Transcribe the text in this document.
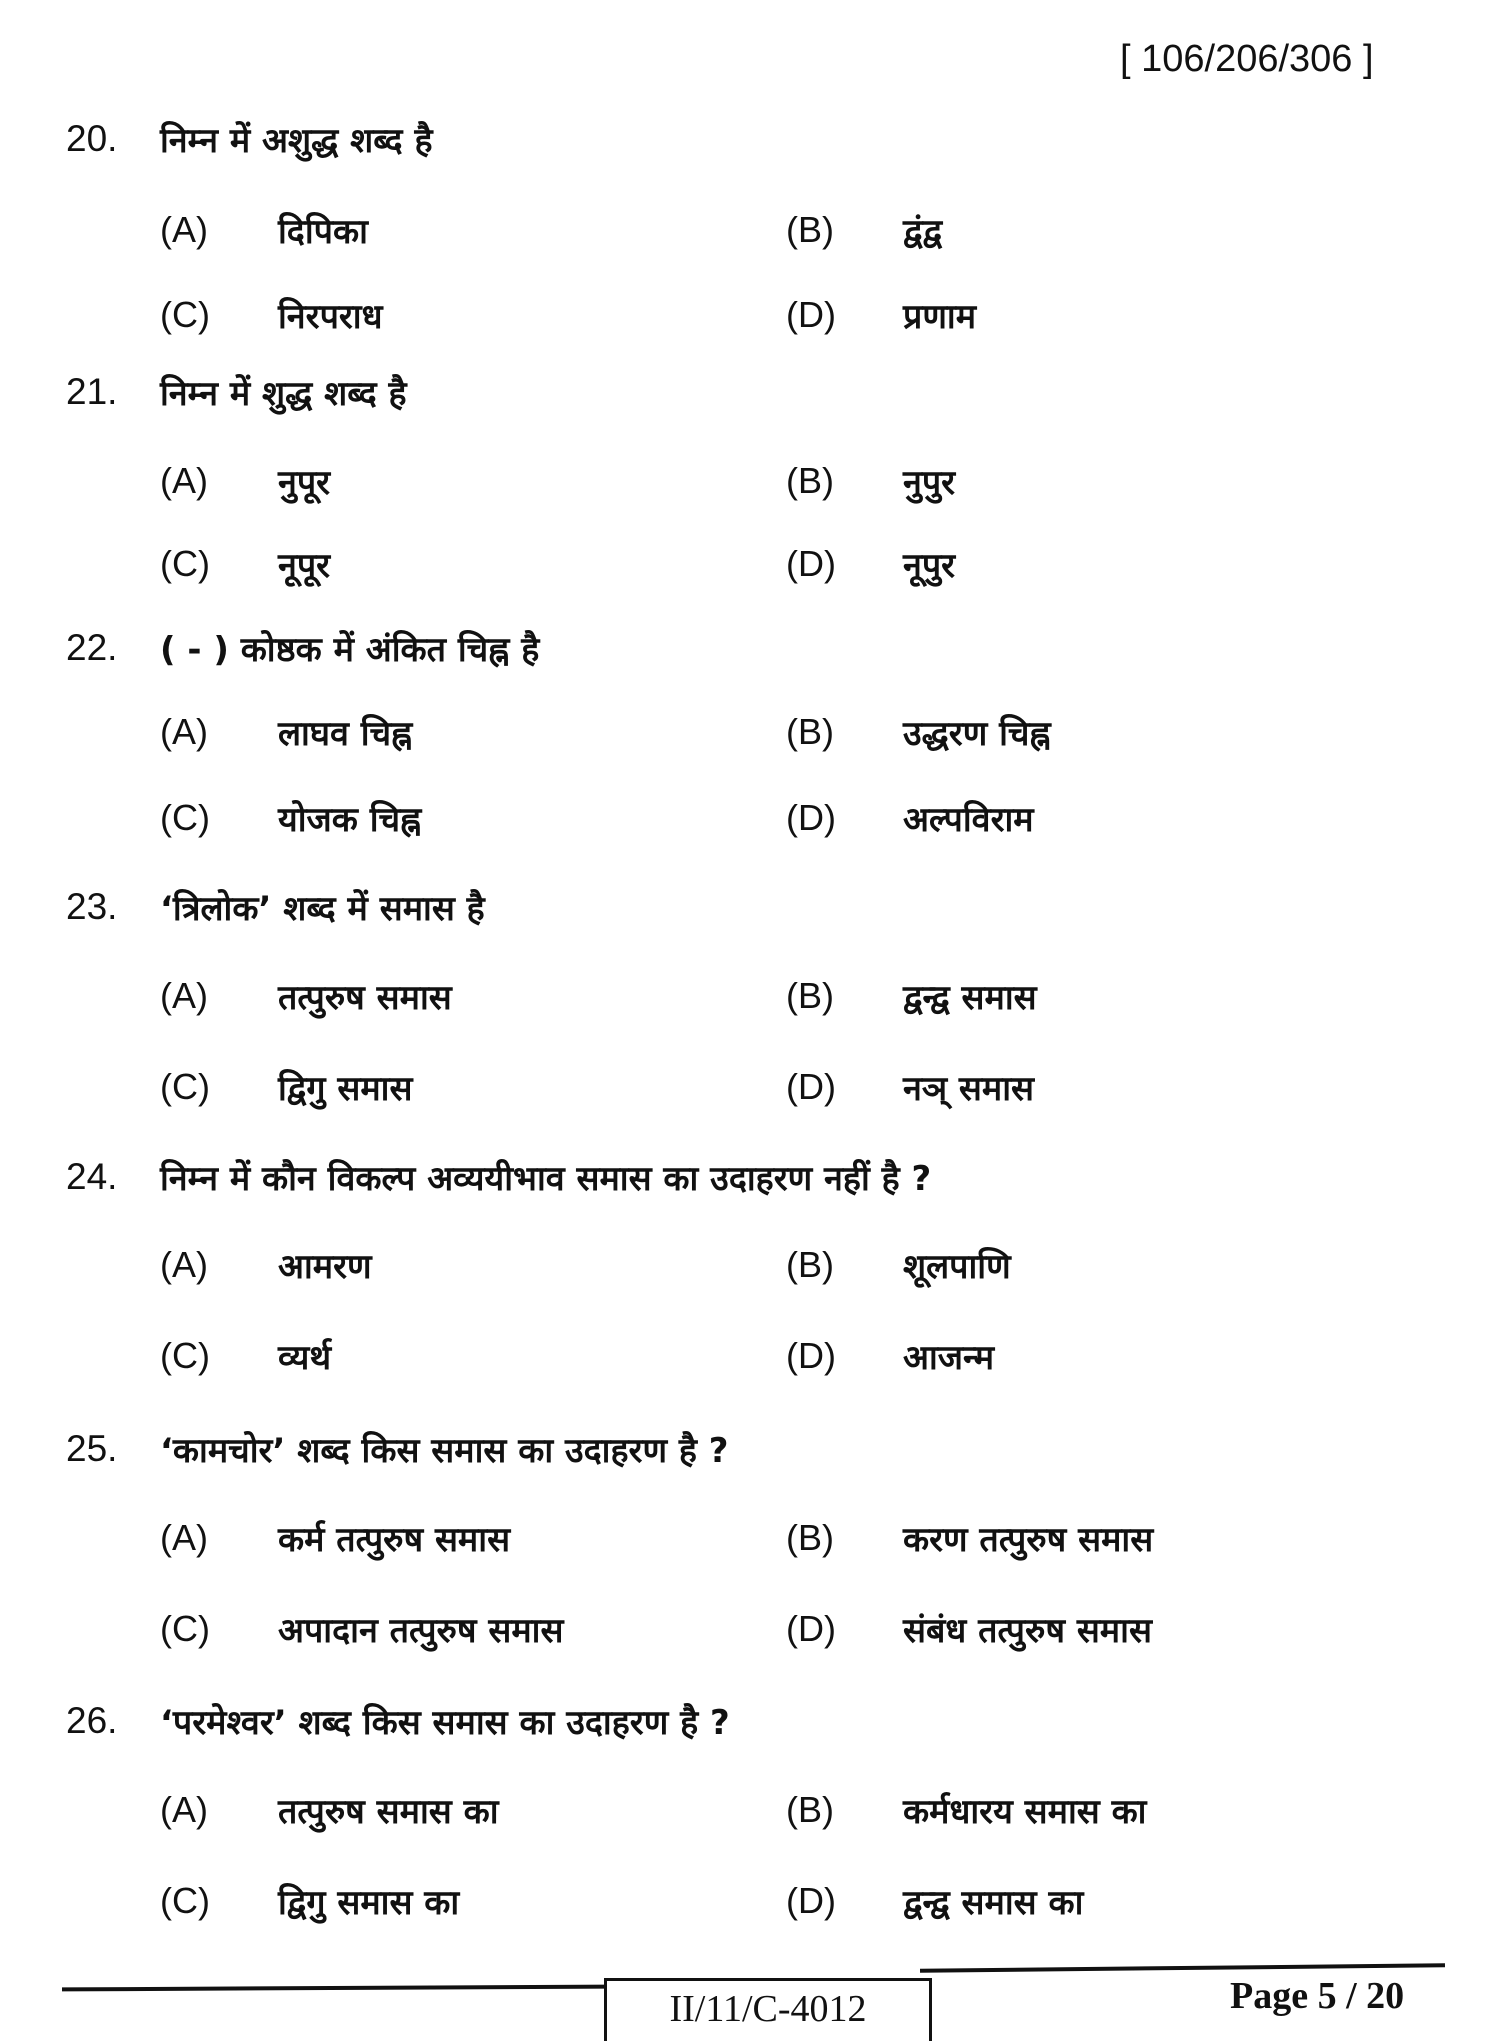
[ 106/206/306 ]
20. निम्न में अशुद्ध शब्द है
(A) दिपिका	(B) द्वंद्व
(C) निरपराध	(D) प्रणाम
21. निम्न में शुद्ध शब्द है
(A) नुपूर	(B) नुपुर
(C) नूपूर	(D) नूपुर
22. ( - ) कोष्ठक में अंकित चिह्न है
(A) लाघव चिह्न	(B) उद्धरण चिह्न
(C) योजक चिह्न	(D) अल्पविराम
23. ‘त्रिलोक’ शब्द में समास है
(A) तत्पुरुष समास	(B) द्वन्द्व समास
(C) द्विगु समास	(D) नञ् समास
24. निम्न में कौन विकल्प अव्ययीभाव समास का उदाहरण नहीं है ?
(A) आमरण	(B) शूलपाणि
(C) व्यर्थ	(D) आजन्म
25. ‘कामचोर’ शब्द किस समास का उदाहरण है ?
(A) कर्म तत्पुरुष समास	(B) करण तत्पुरुष समास
(C) अपादान तत्पुरुष समास	(D) संबंध तत्पुरुष समास
26. ‘परमेश्वर’ शब्द किस समास का उदाहरण है ?
(A) तत्पुरुष समास का	(B) कर्मधारय समास का
(C) द्विगु समास का	(D) द्वन्द्व समास का
II/11/C-4012	Page 5 / 20
